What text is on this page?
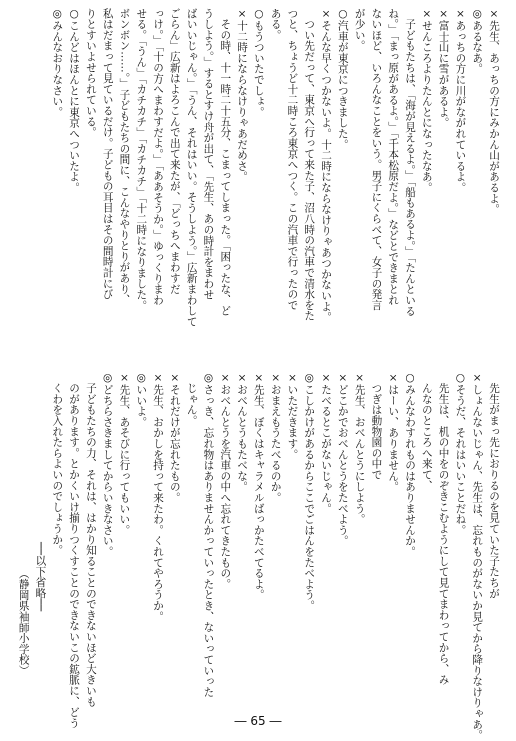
×先生、あっちの方にみかん山があるよ。
◎あるなあ。
×あっちの方に川がながれているよ。
×富士山に雪があるよ。
×せんころよりたんとになったなあ。
　子どもたちは、「海が見えるよ。」「船もあるよ。」「たんといる
ね。」「まっ原があるよ。」「千本松原だよ。」などとできまとれ
ないほど、いろんなことをいう。男子にくらべて、女子の発言
が少い。
○汽車が東京につきました。
×そんな早くつかないよ。十二時にならなけりゃあつかないよ。
　つい先だって、東京へ行って来た子、沼八時の汽車で清水をた
つと、ちょうど十二時ころ東京へつく。この汽車で行ったので
ある。
○もうついたでしょ。
×十二時にならなけりゃあだめさ。
　その時、十一時二十五分、こまってしまった。「困ったな、ど
うしよう。」するとすけ舟が出て、「先生、あの時計をまわせ
ばいいじゃん。」「うん、それはいい。そうしよう。」広新まわして
ごらん」広新はよろこんで出て来たが、「どっちへまわすだ
っけ。」「十の方へまわすだよ。」「ああそうか。」ゆっくりまわ
せる。「うん」「カチカチ」「カチカチ」「十二時になりました。
ボンボン……。」子どもたちの間に、こんなやりとりがあり、
私はだまって見ているだけ。子どもの耳目はその間時計にび
りとすいよせられている。
○こんどはほんとに東京へついたよ。
◎みんなおりなさい。
　先生がまっ先におりるのを見ていた子たちが
×しょんないじゃん、先生は、忘れものがないか見てから降りなけりゃあ。
○そうだ、それはいいことだね。
　先生は、机の中をのぞきこむようにして見てまわってから、み
　んなのところへ来て、
○みんなわすれものはありませんか。
×はーい、ありません。
　つぎは動物園の中で
×先生、おべんとうにしよう。
×どこかでおべんとうをたべよう。
×たべるとこがないじゃん。
◎こしかけがあるからここでごはんをたべよう。
×いただきます。
×おまえもうたべるのか。
×先生、ぼくはキャラメルばっかたべてるよ。
×おべんとうもたべな。
×おべんとうを汽車の中へ忘れてきたもの。
◎さっき、忘れ物はありませんかっていったとき、ないっていった
　じゃん。
×それだけが忘れたもの。
×先生、おかしを持って来たわ。くれてやろうか。
◎いいよ。
×先生、あそびに行ってもいい。
◎どちらさきましてからいきなさい。
　子どもたちの力、それは、はかり知ることのできないほど大きいも
　のがあります。とかくいけ揃りつくすことのできないこの鉱脈に、どう
　くわを入れたらよいのでしょうか。
──以下省略──
（静岡県袖師小学校）
― 65 ―
